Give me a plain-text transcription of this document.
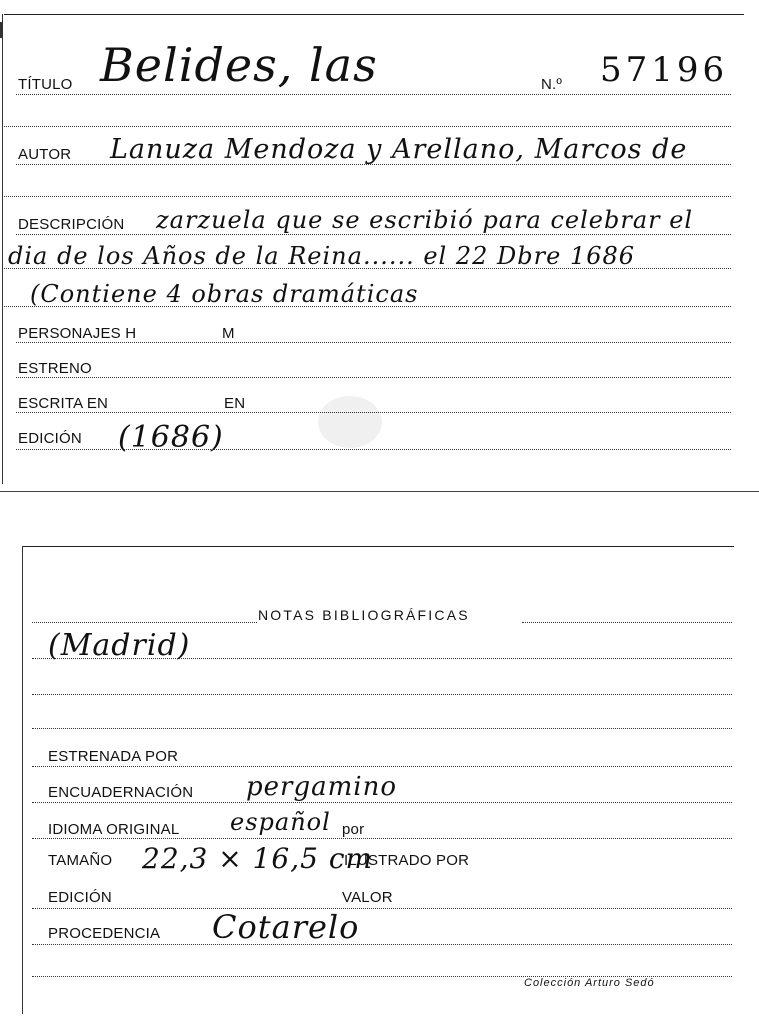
TÍTULO Belides, las	N.º 57196
AUTOR Lanuza Mendoza y Arellano, Marcos de
DESCRIPCIÓN zarzuela que se escribió para celebrar el
dia de los Años de la Reina...... el 22 Dbre 1686
(Contiene 4 obras dramáticas
PERSONAJES H	M
ESTRENO
ESCRITA EN	EN
EDICIÓN (1686)
NOTAS BIBLIOGRÁFICAS
(Madrid)
ESTRENADA POR
ENCUADERNACIÓN pergamino
IDIOMA ORIGINAL español por
TAMAÑO 22,3 × 16,5 cm
ILUSTRADO POR
EDICIÓN	VALOR
PROCEDENCIA Cotarelo
Colección Arturo Sedó
